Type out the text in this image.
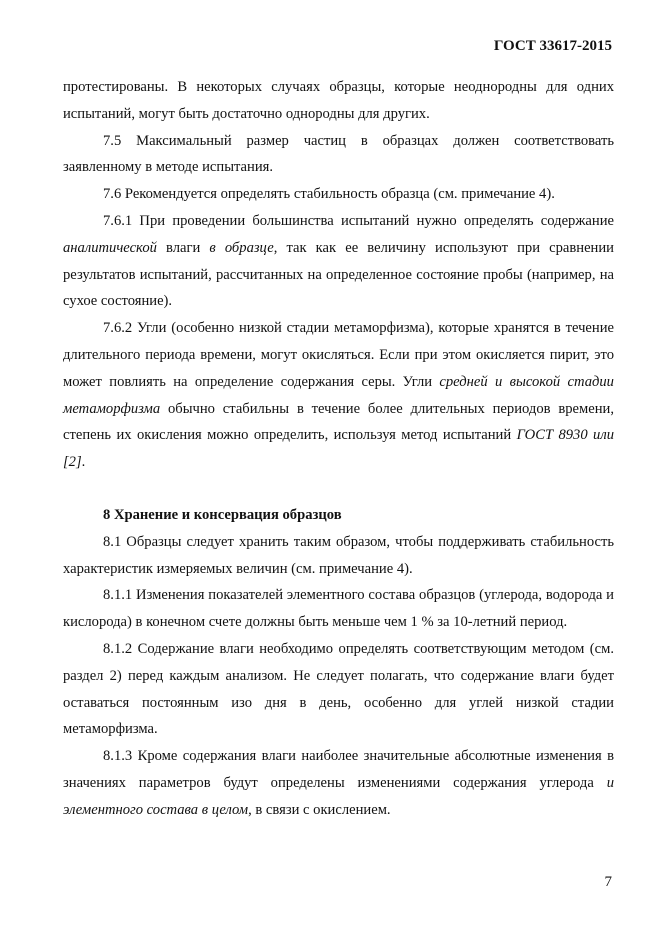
ГОСТ 33617-2015

протестированы. В некоторых случаях образцы, которые неоднородны для одних испытаний, могут быть достаточно однородны для других.

7.5 Максимальный размер частиц в образцах должен соответствовать заявленному в методе испытания.

7.6 Рекомендуется определять стабильность образца (см. примечание 4).

7.6.1 При проведении большинства испытаний нужно определять содержание аналитической влаги в образце, так как ее величину используют при сравнении результатов испытаний, рассчитанных на определенное состояние пробы (например, на сухое состояние).

7.6.2 Угли (особенно низкой стадии метаморфизма), которые хранятся в течение длительного периода времени, могут окисляться. Если при этом окисляется пирит, это может повлиять на определение содержания серы. Угли средней и высокой стадии метаморфизма обычно стабильны в течение более длительных периодов времени, степень их окисления можно определить, используя метод испытаний ГОСТ 8930 или [2].

8 Хранение и консервация образцов

8.1 Образцы следует хранить таким образом, чтобы поддерживать стабильность характеристик измеряемых величин (см. примечание 4).

8.1.1 Изменения показателей элементного состава образцов (углерода, водорода и кислорода) в конечном счете должны быть меньше чем 1 % за 10-летний период.

8.1.2 Содержание влаги необходимо определять соответствующим методом (см. раздел 2) перед каждым анализом. Не следует полагать, что содержание влаги будет оставаться постоянным изо дня в день, особенно для углей низкой стадии метаморфизма.

8.1.3 Кроме содержания влаги наиболее значительные абсолютные изменения в значениях параметров будут определены изменениями содержания углерода и элементного состава в целом, в связи с окислением.

7
